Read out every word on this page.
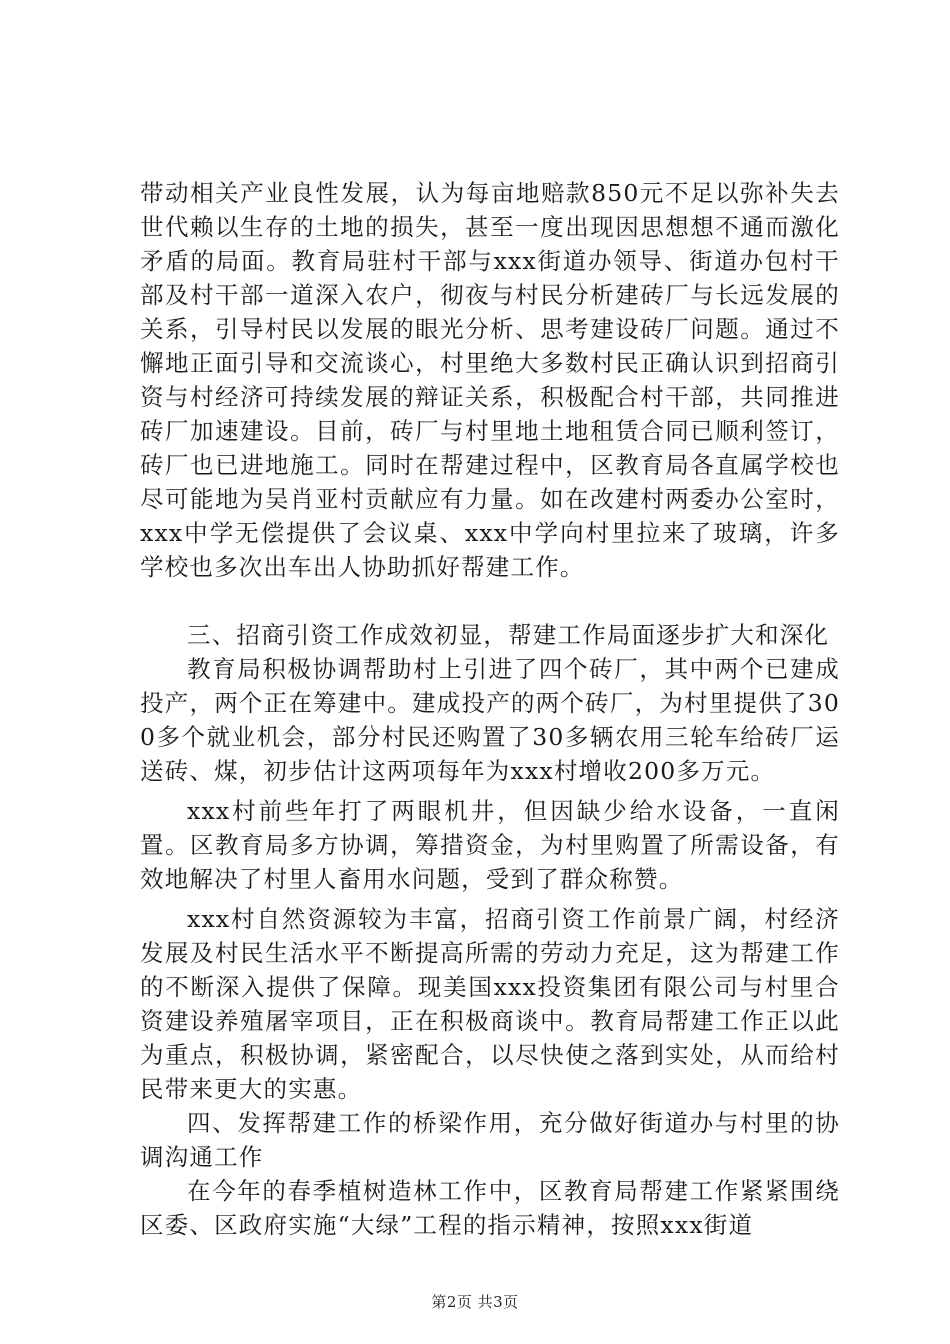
带动相关产业良性发展，认为每亩地赔款850元不足以弥补失去世代赖以生存的土地的损失，甚至一度出现因思想想不通而激化矛盾的局面。教育局驻村干部与xxx街道办领导、街道办包村干部及村干部一道深入农户，彻夜与村民分析建砖厂与长远发展的关系，引导村民以发展的眼光分析、思考建设砖厂问题。通过不懈地正面引导和交流谈心，村里绝大多数村民正确认识到招商引资与村经济可持续发展的辩证关系，积极配合村干部，共同推进砖厂加速建设。目前，砖厂与村里地土地租赁合同已顺利签订，砖厂也已进地施工。同时在帮建过程中，区教育局各直属学校也尽可能地为吴肖亚村贡献应有力量。如在改建村两委办公室时，xxx中学无偿提供了会议桌、xxx中学向村里拉来了玻璃，许多学校也多次出车出人协助抓好帮建工作。

三、招商引资工作成效初显，帮建工作局面逐步扩大和深化

教育局积极协调帮助村上引进了四个砖厂，其中两个已建成投产，两个正在筹建中。建成投产的两个砖厂，为村里提供了300多个就业机会，部分村民还购置了30多辆农用三轮车给砖厂运送砖、煤，初步估计这两项每年为xxx村增收200多万元。

xxx村前些年打了两眼机井，但因缺少给水设备，一直闲置。区教育局多方协调，筹措资金，为村里购置了所需设备，有效地解决了村里人畜用水问题，受到了群众称赞。

xxx村自然资源较为丰富，招商引资工作前景广阔，村经济发展及村民生活水平不断提高所需的劳动力充足，这为帮建工作的不断深入提供了保障。现美国xxx投资集团有限公司与村里合资建设养殖屠宰项目，正在积极商谈中。教育局帮建工作正以此为重点，积极协调，紧密配合，以尽快使之落到实处，从而给村民带来更大的实惠。

四、发挥帮建工作的桥梁作用，充分做好街道办与村里的协调沟通工作

在今年的春季植树造林工作中，区教育局帮建工作紧紧围绕区委、区政府实施“大绿”工程的指示精神，按照xxx街道

第2页 共3页
